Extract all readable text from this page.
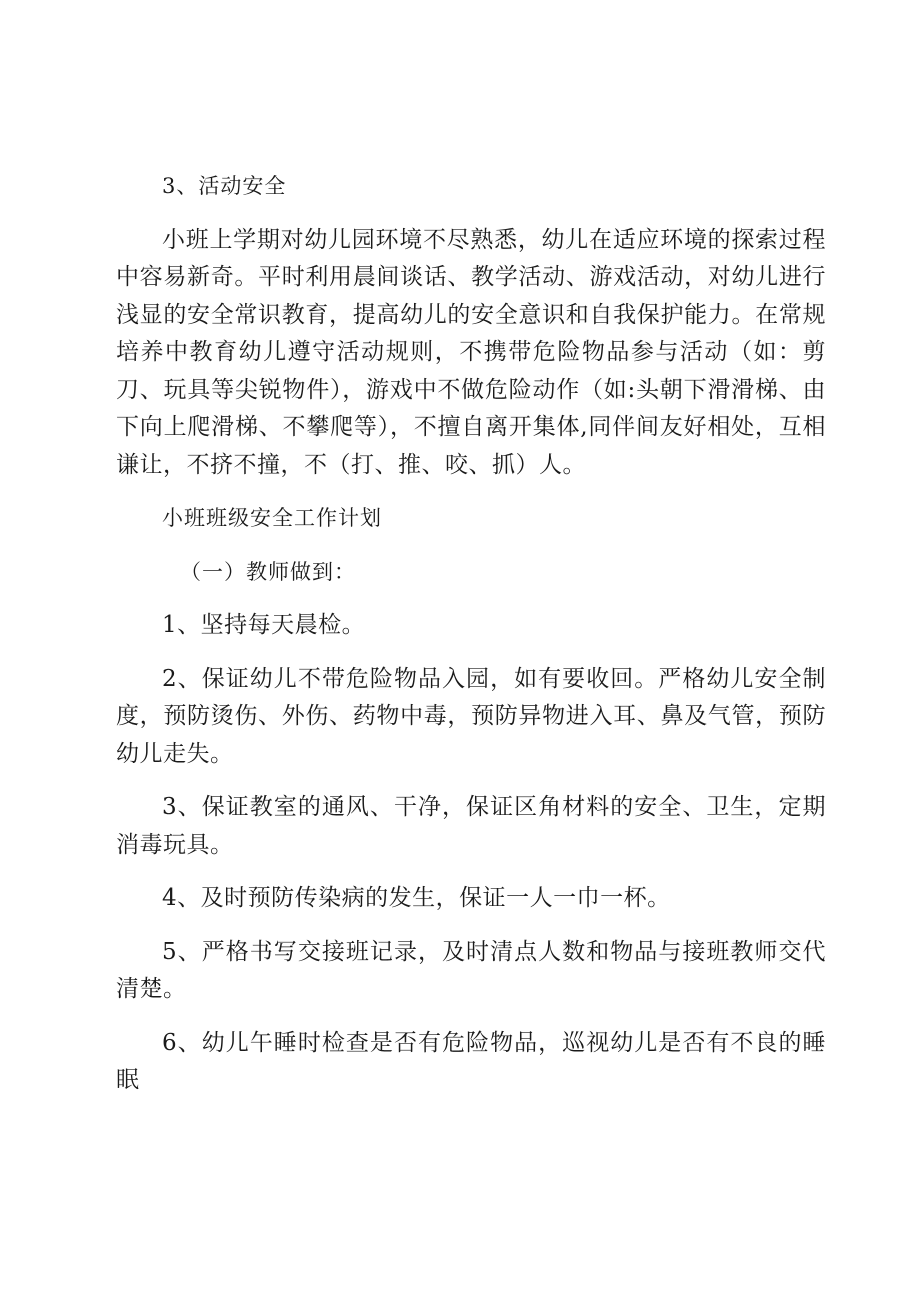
3、活动安全

小班上学期对幼儿园环境不尽熟悉，幼儿在适应环境的探索过程中容易新奇。平时利用晨间谈话、教学活动、游戏活动，对幼儿进行浅显的安全常识教育，提高幼儿的安全意识和自我保护能力。在常规培养中教育幼儿遵守活动规则，不携带危险物品参与活动（如：剪刀、玩具等尖锐物件），游戏中不做危险动作（如:头朝下滑滑梯、由下向上爬滑梯、不攀爬等），不擅自离开集体,同伴间友好相处，互相谦让，不挤不撞，不（打、推、咬、抓）人。

小班班级安全工作计划

（一）教师做到：

1、坚持每天晨检。

2、保证幼儿不带危险物品入园，如有要收回。严格幼儿安全制度，预防烫伤、外伤、药物中毒，预防异物进入耳、鼻及气管，预防幼儿走失。

3、保证教室的通风、干净，保证区角材料的安全、卫生，定期消毒玩具。

4、及时预防传染病的发生，保证一人一巾一杯。

5、严格书写交接班记录，及时清点人数和物品与接班教师交代清楚。

6、幼儿午睡时检查是否有危险物品，巡视幼儿是否有不良的睡眠
